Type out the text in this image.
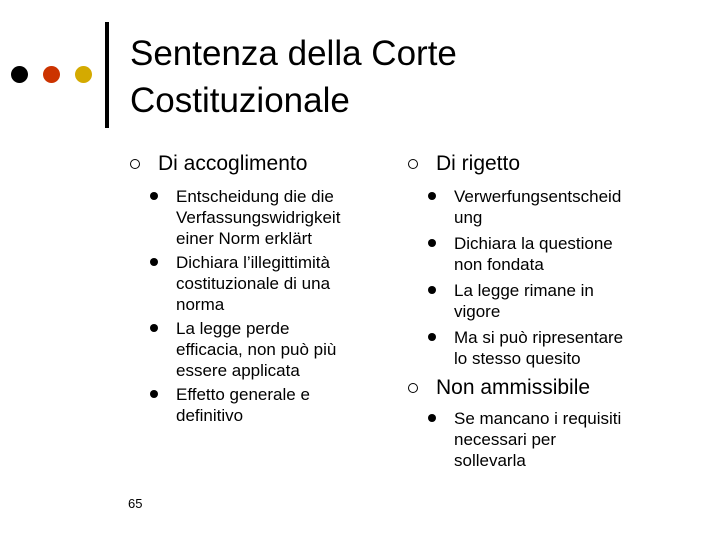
Sentenza della Corte
Costituzionale
Di accoglimento
Entscheidung die die
Verfassungswidrigkeit
einer Norm erklärt
Dichiara l’illegittimità
costituzionale di una
norma
La legge perde
efficacia, non può più
essere applicata
Effetto generale e
definitivo
Di rigetto
Verwerfungsentscheid
ung
Dichiara la questione
non fondata
La legge rimane in
vigore
Ma si può ripresentare
lo stesso quesito
Non ammissibile
Se mancano i requisiti
necessari per
sollevarla
65
